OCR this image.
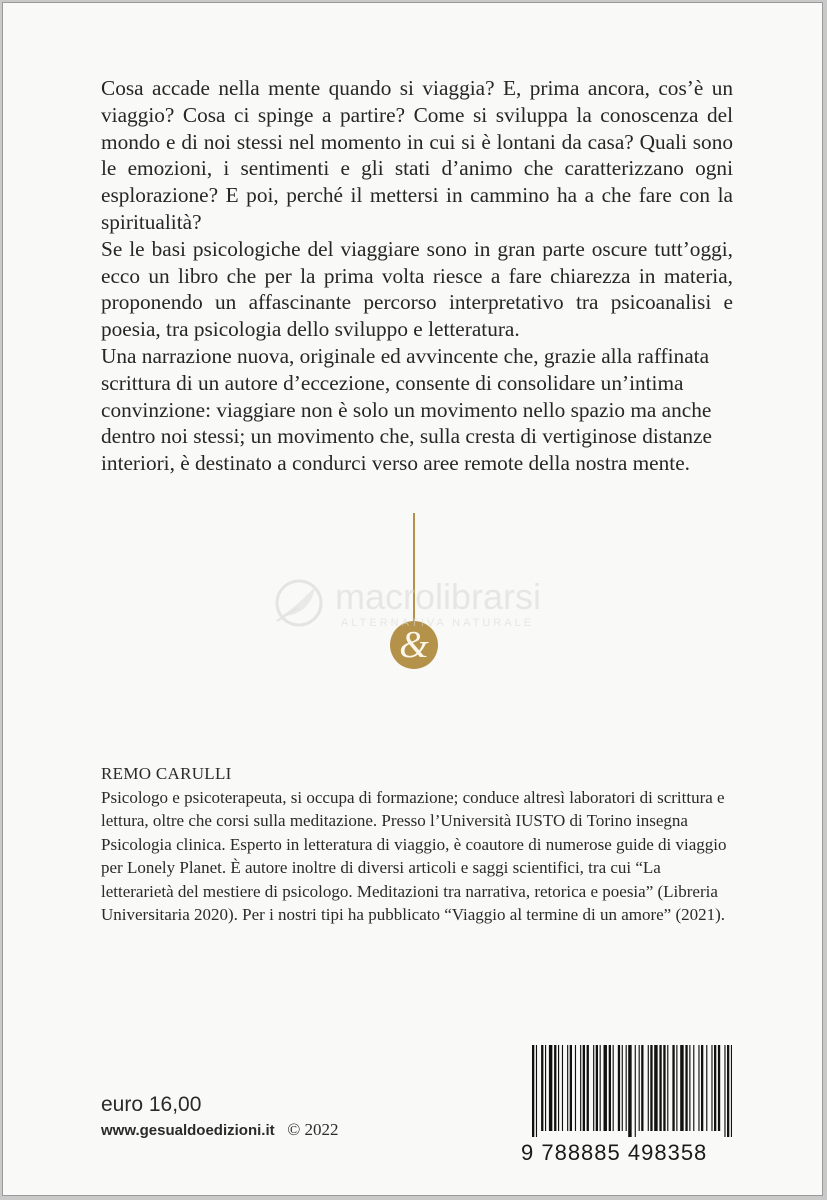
Cosa accade nella mente quando si viaggia? E, prima ancora, cos’è un viaggio? Cosa ci spinge a partire? Come si sviluppa la conoscenza del mondo e di noi stessi nel momento in cui si è lontani da casa? Quali sono le emozioni, i sentimenti e gli stati d’animo che caratterizzano ogni esplorazione? E poi, perché il mettersi in cammino ha a che fare con la spiritualità?

Se le basi psicologiche del viaggiare sono in gran parte oscure tutt’oggi, ecco un libro che per la prima volta riesce a fare chiarezza in materia, proponendo un affascinante percorso interpretativo tra psicoanalisi e poesia, tra psicologia dello sviluppo e letteratura.

Una narrazione nuova, originale ed avvincente che, grazie alla raffinata scrittura di un autore d’eccezione, consente di consolidare un’intima convinzione: viaggiare non è solo un movimento nello spazio ma anche dentro noi stessi; un movimento che, sulla cresta di vertiginose distanze interiori, è destinato a condurci verso aree remote della nostra mente.

&
macrolibrarsi
ALTERNATIVA NATURALE

REMO CARULLI

Psicologo e psicoterapeuta, si occupa di formazione; conduce altresì laboratori di scrittura e lettura, oltre che corsi sulla meditazione. Presso l’Università IUSTO di Torino insegna Psicologia clinica. Esperto in letteratura di viaggio, è coautore di numerose guide di viaggio per Lonely Planet. È autore inoltre di diversi articoli e saggi scientifici, tra cui “La letterarietà del mestiere di psicologo. Meditazioni tra narrativa, retorica e poesia” (Libreria Universitaria 2020). Per i nostri tipi ha pubblicato “Viaggio al termine di un amore” (2021).

euro 16,00
www.gesualdoedizioni.it © 2022
9 788885 498358
